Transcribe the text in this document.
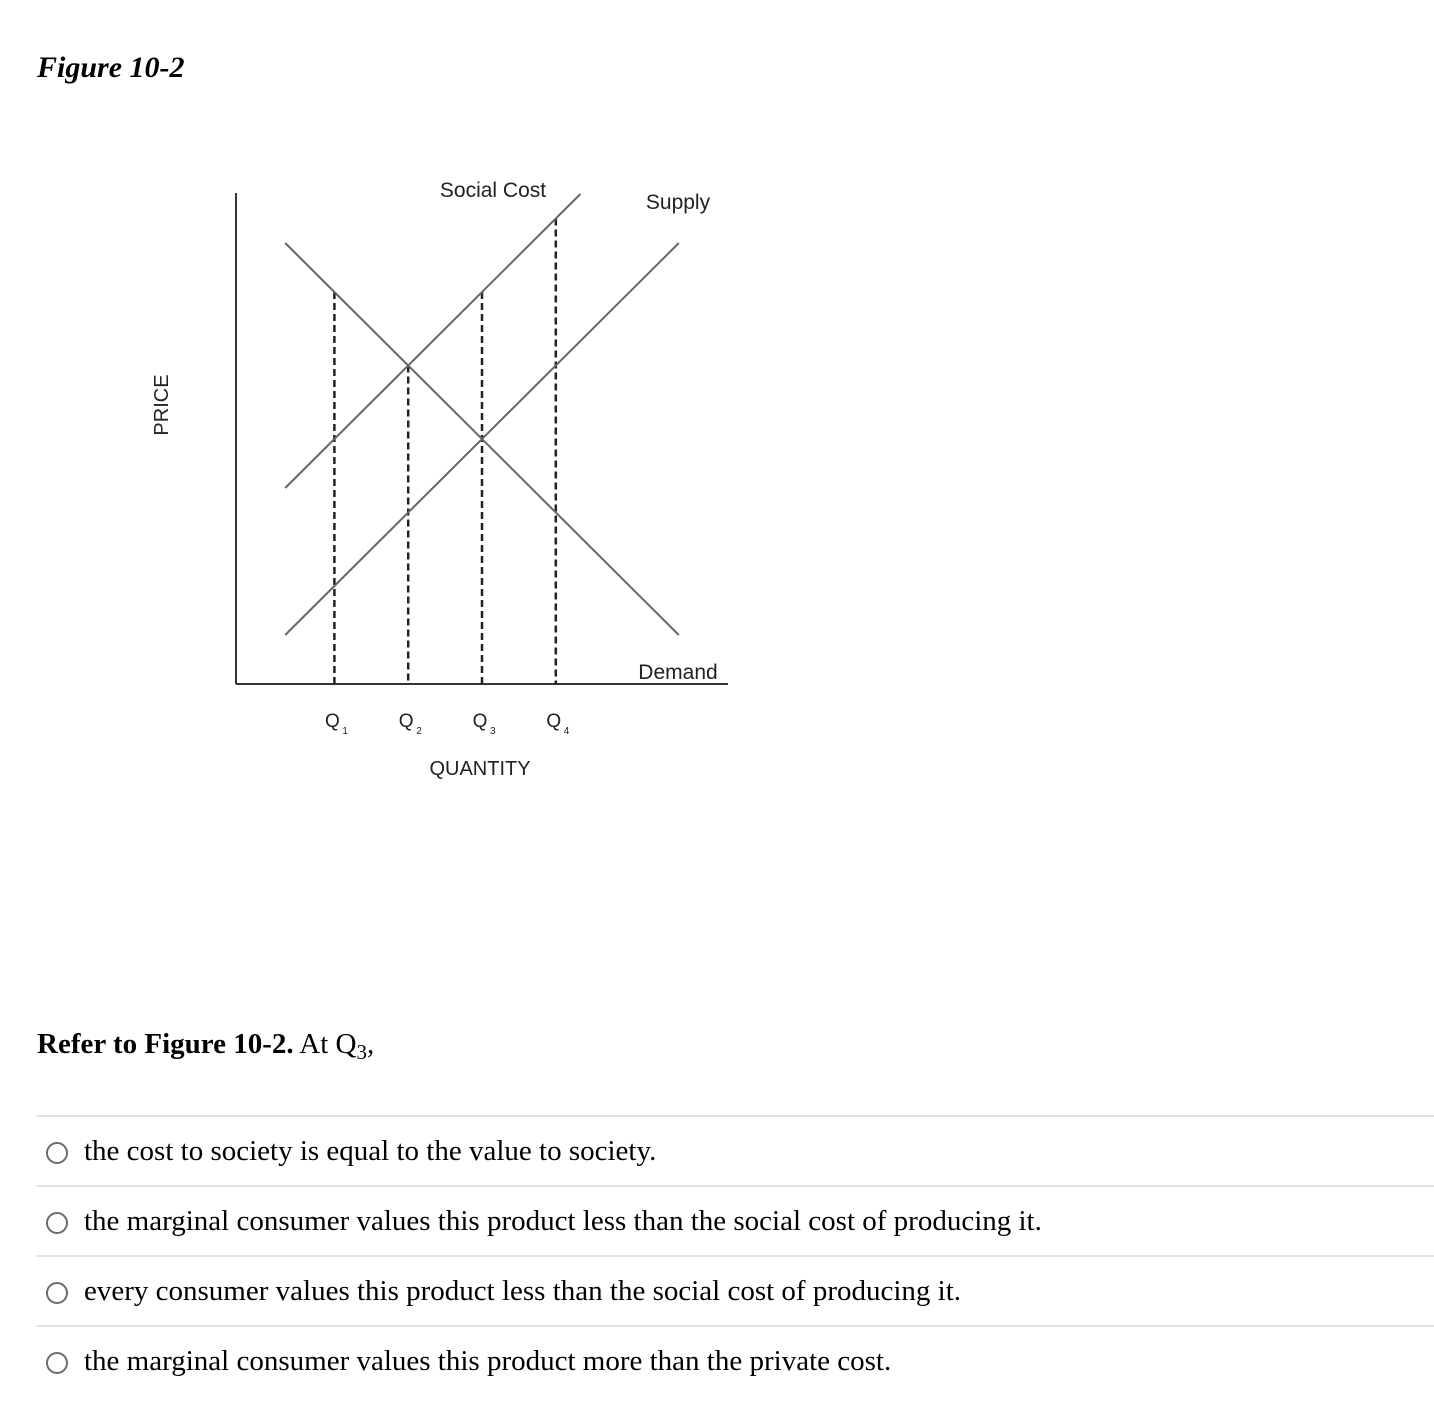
Figure 10-2
Social Cost
Supply
Demand
Q 1	Q 2	Q 3	Q 4
QUANTITY
PRICE

Refer to Figure 10-2. At $Q_3$,

the cost to society is equal to the value to society.
the marginal consumer values this product less than the social cost of producing it.
every consumer values this product less than the social cost of producing it.
the marginal consumer values this product more than the private cost.
